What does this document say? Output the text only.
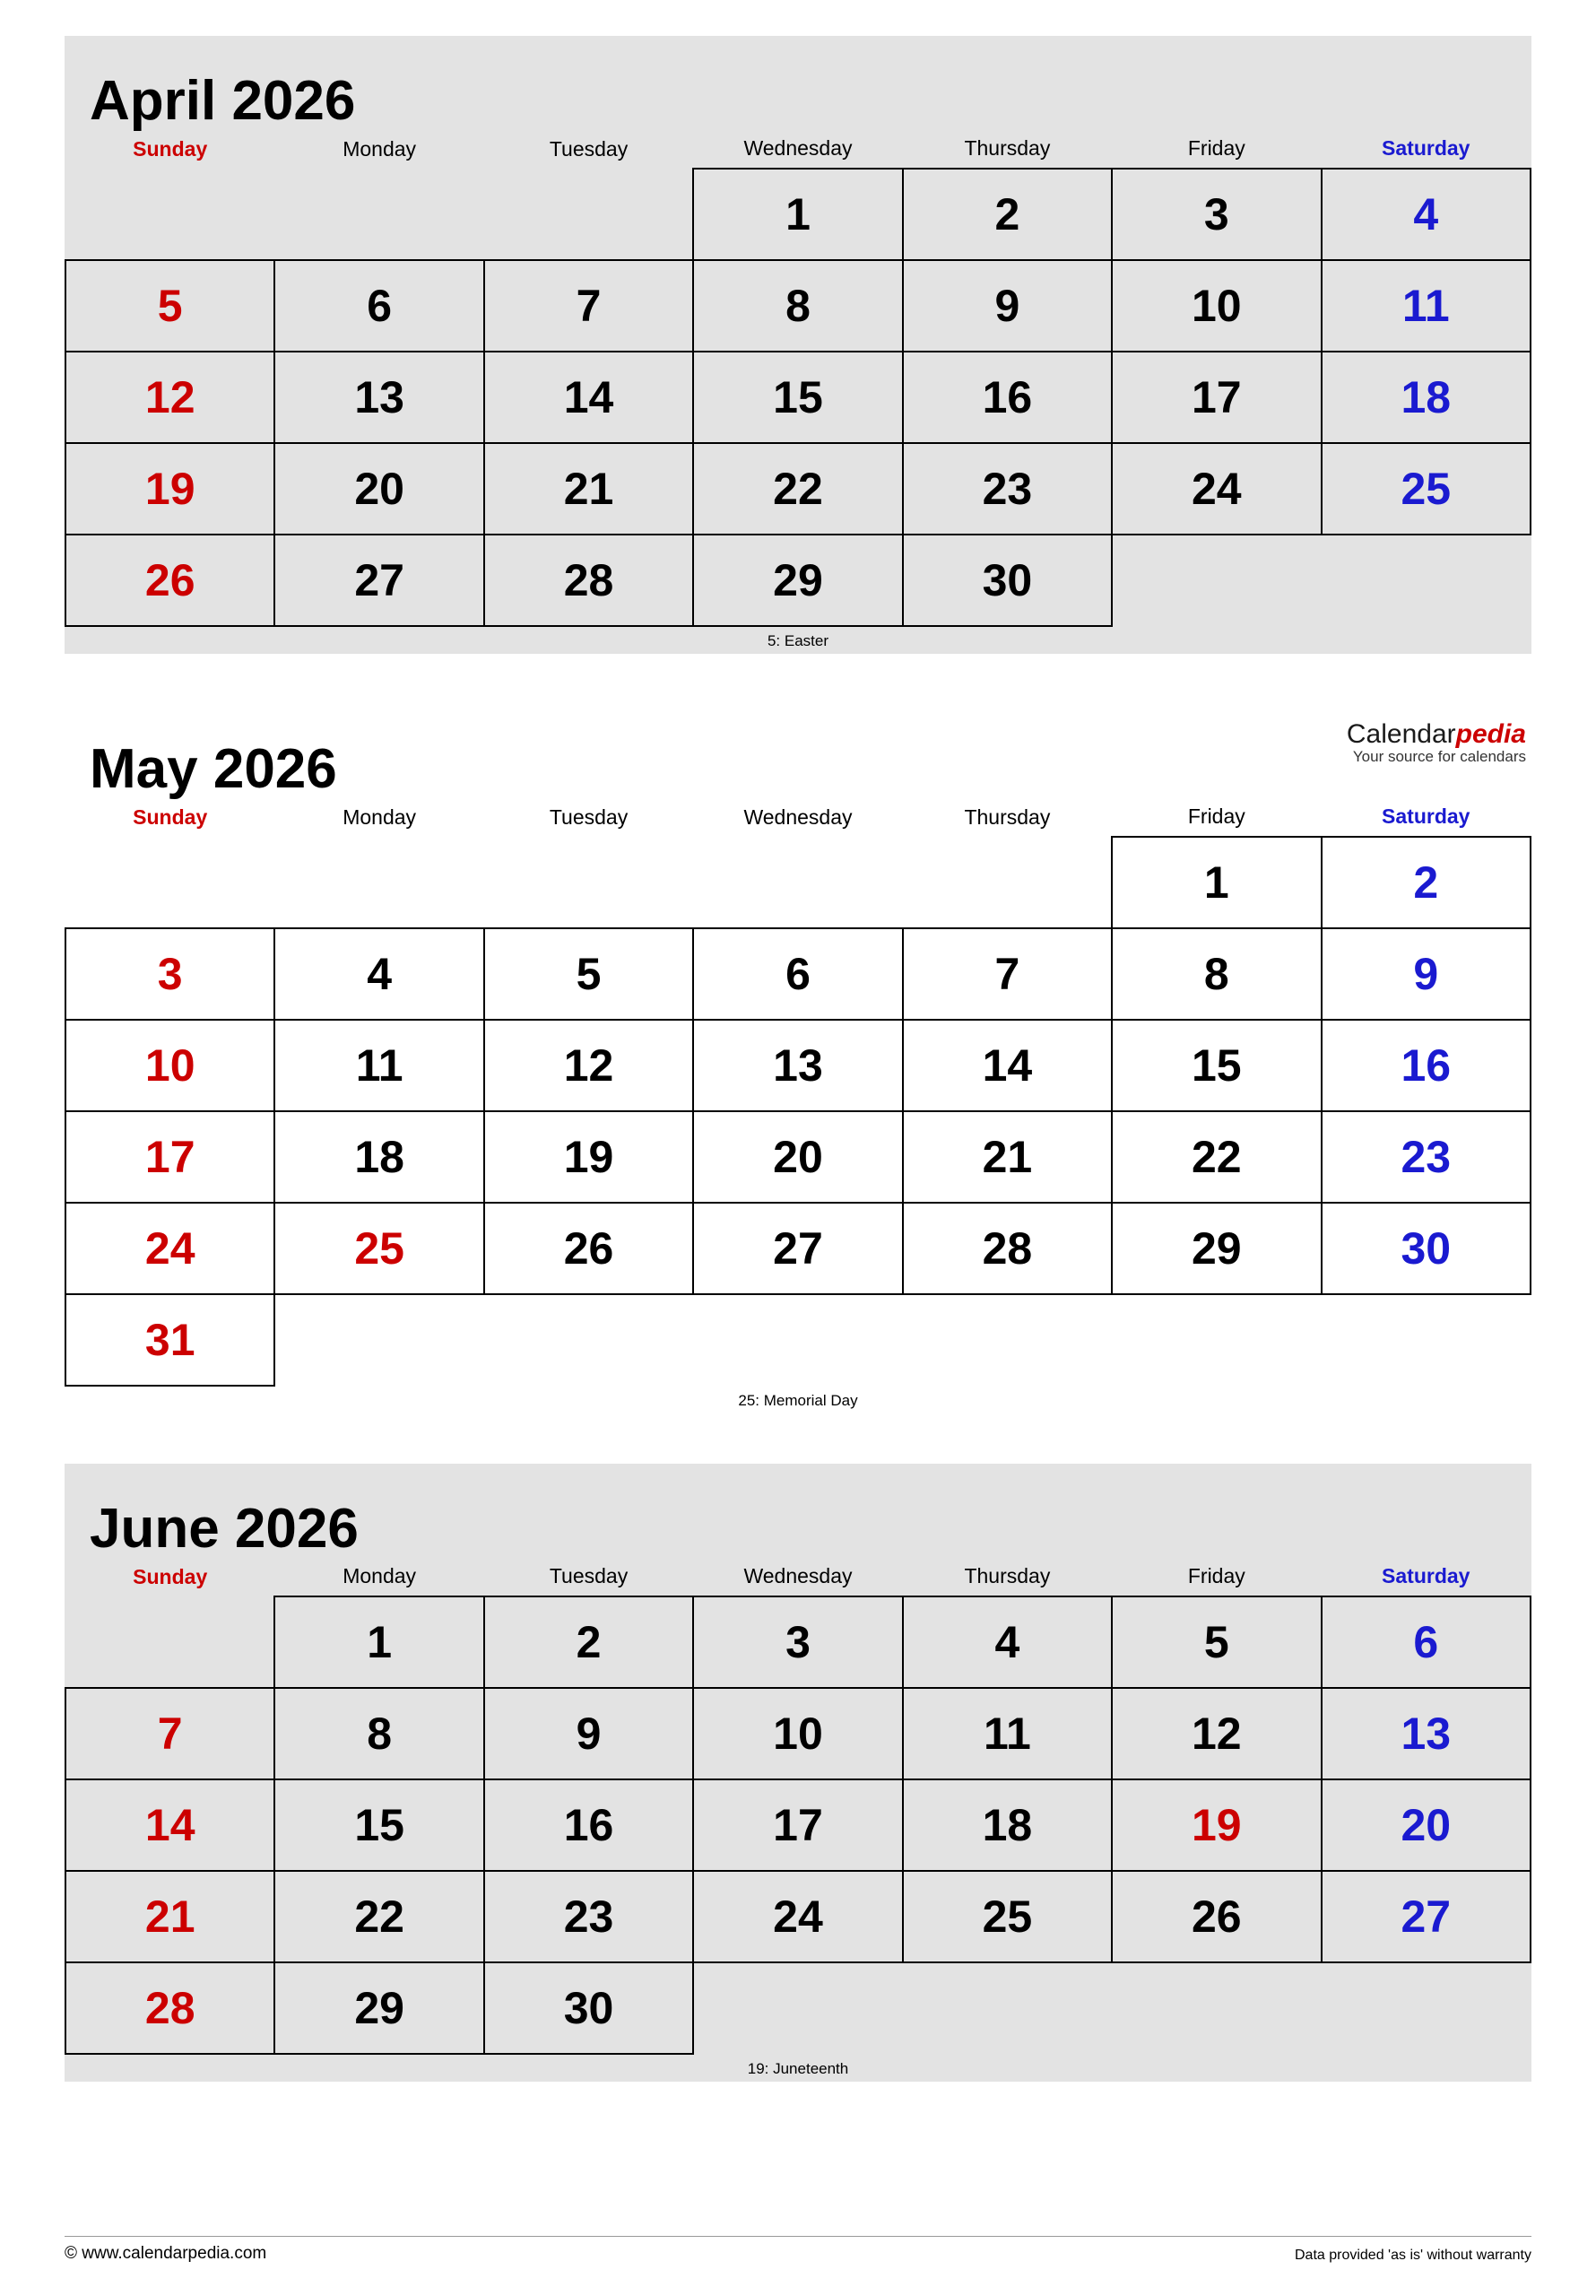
April 2026
Sunday	Monday	Tuesday	Wednesday	Thursday	Friday	Saturday
			1	2	3	4
5	6	7	8	9	10	11
12	13	14	15	16	17	18
19	20	21	22	23	24	25
26	27	28	29	30		
5: Easter
May 2026
Calendarpedia
Your source for calendars
Sunday	Monday	Tuesday	Wednesday	Thursday	Friday	Saturday
					1	2
3	4	5	6	7	8	9
10	11	12	13	14	15	16
17	18	19	20	21	22	23
24	25	26	27	28	29	30
31						
25: Memorial Day
June 2026
Sunday	Monday	Tuesday	Wednesday	Thursday	Friday	Saturday
	1	2	3	4	5	6
7	8	9	10	11	12	13
14	15	16	17	18	19	20
21	22	23	24	25	26	27
28	29	30				
19: Juneteenth
© www.calendarpedia.com	Data provided 'as is' without warranty
